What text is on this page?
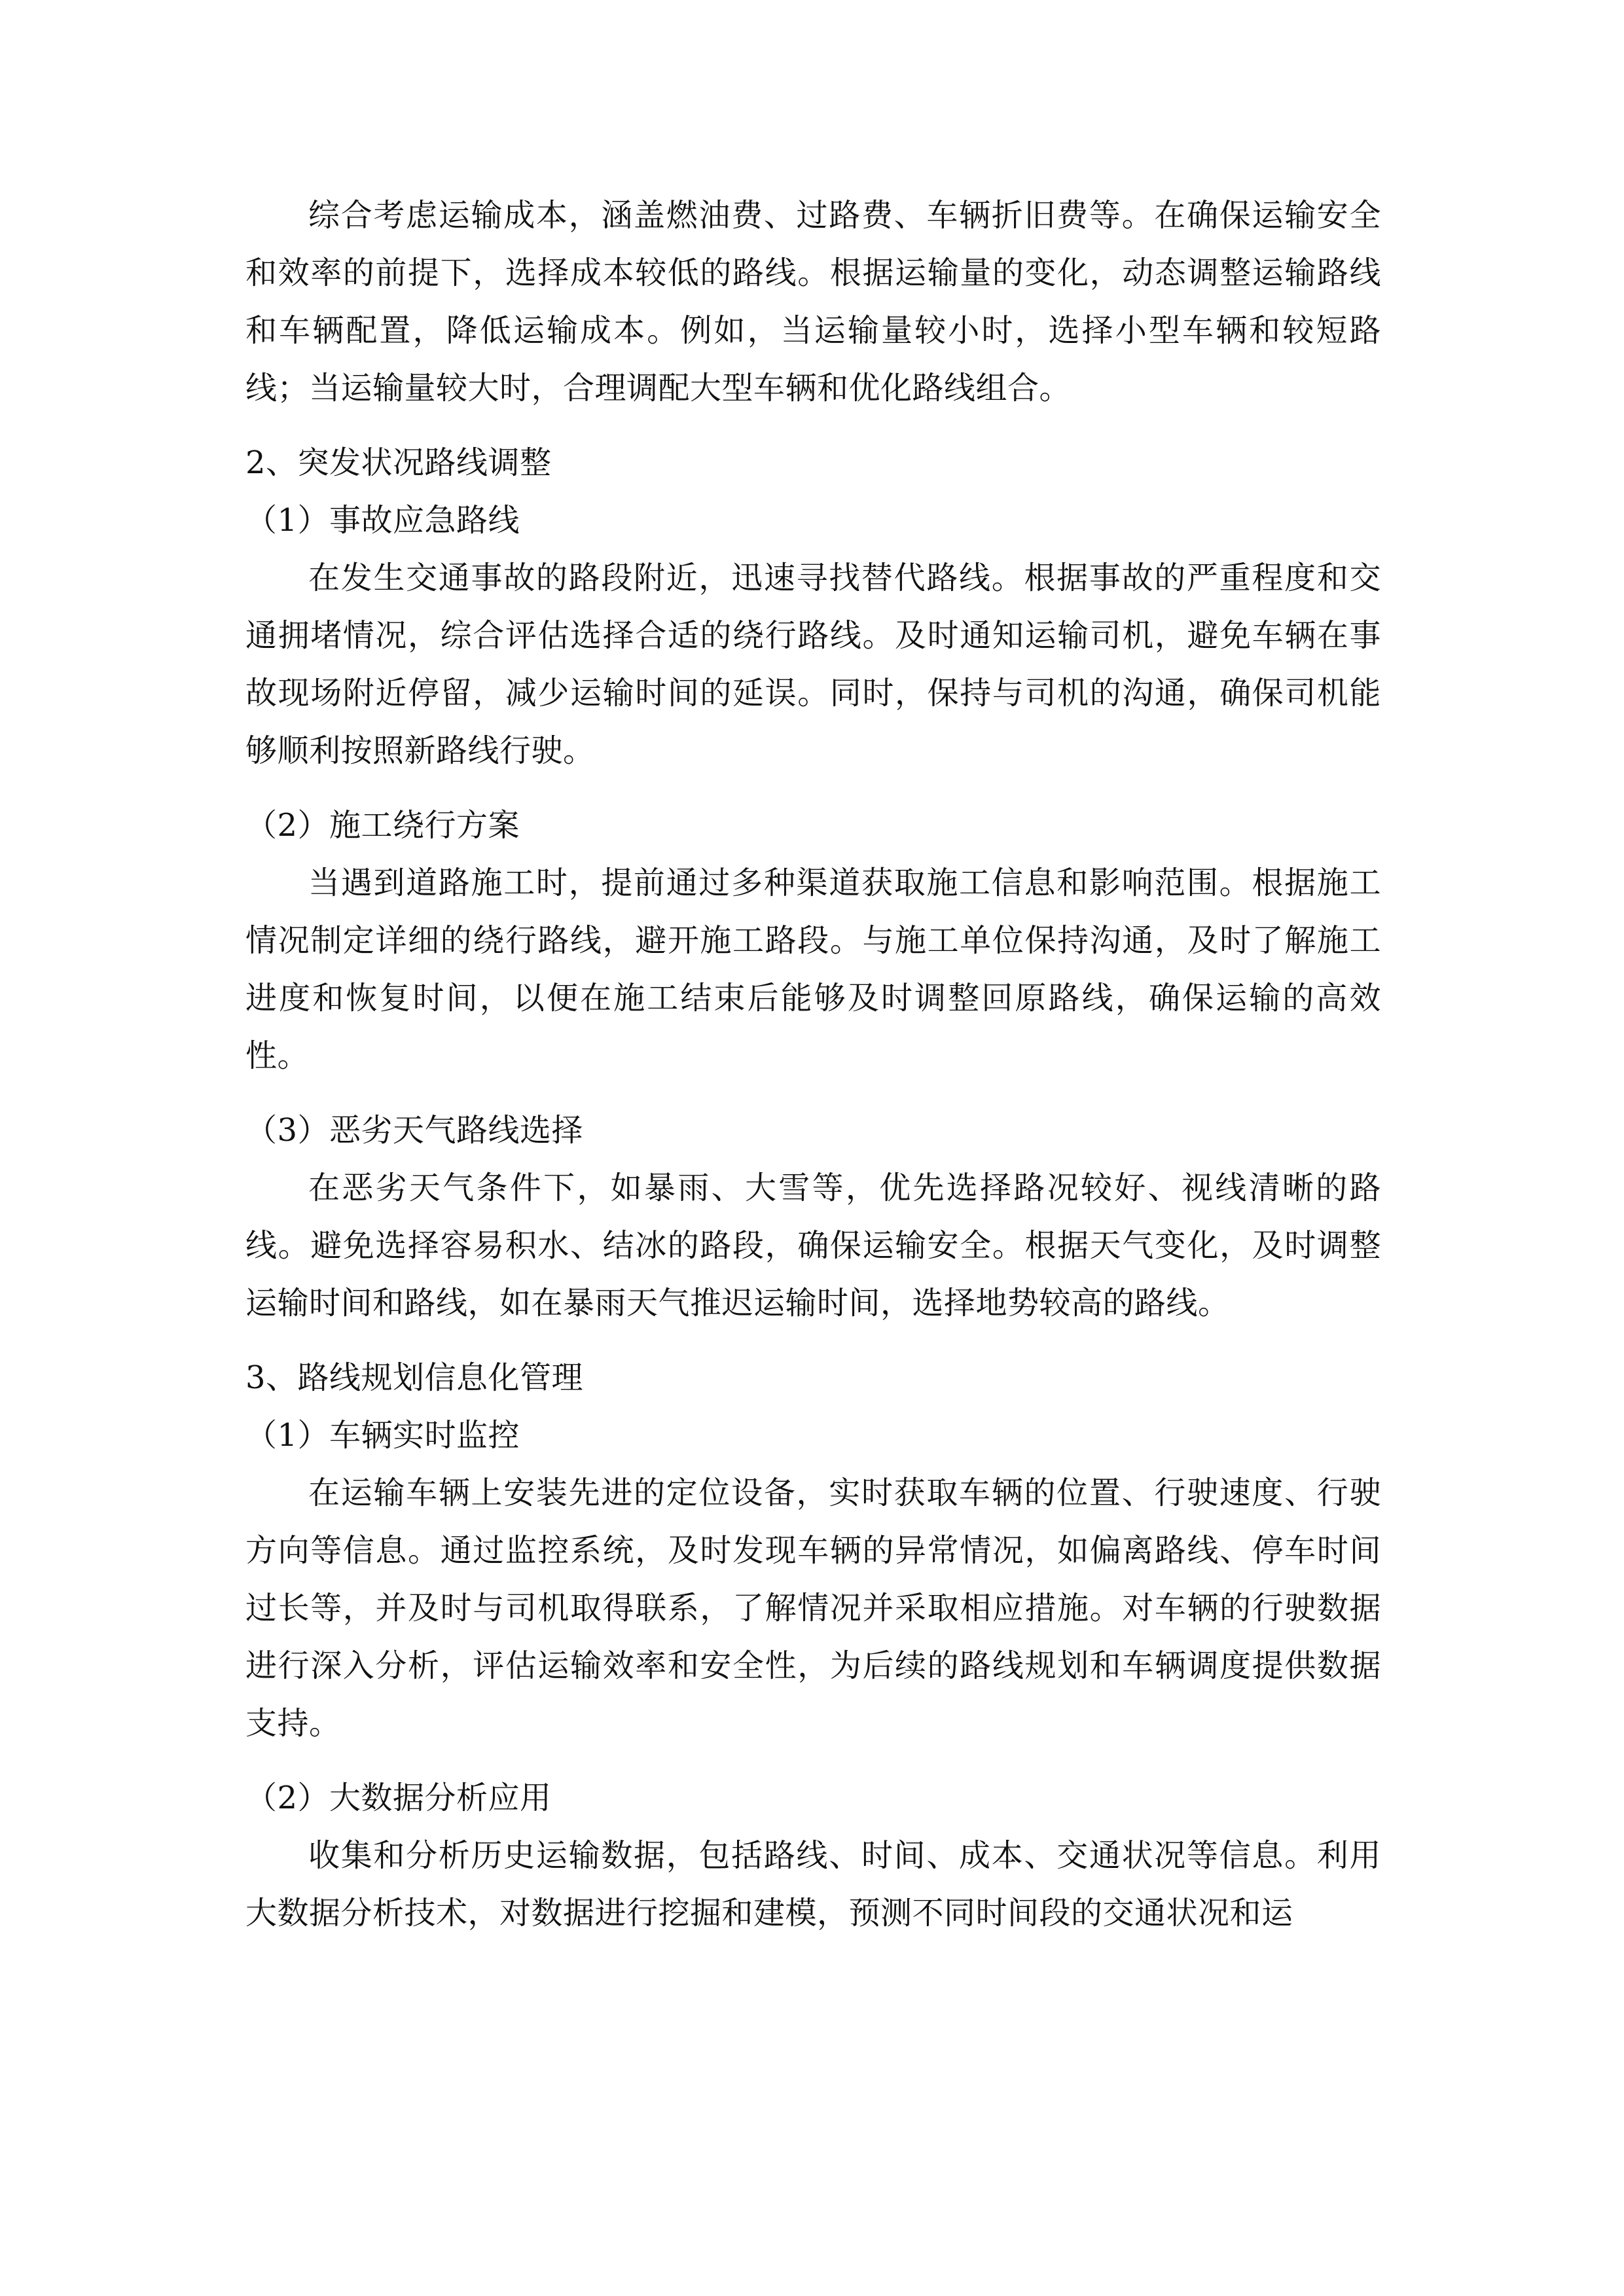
综合考虑运输成本，涵盖燃油费、过路费、车辆折旧费等。在确保运输安全和效率的前提下，选择成本较低的路线。根据运输量的变化，动态调整运输路线和车辆配置，降低运输成本。例如，当运输量较小时，选择小型车辆和较短路线；当运输量较大时，合理调配大型车辆和优化路线组合。

2、突发状况路线调整

（1）事故应急路线

在发生交通事故的路段附近，迅速寻找替代路线。根据事故的严重程度和交通拥堵情况，综合评估选择合适的绕行路线。及时通知运输司机，避免车辆在事故现场附近停留，减少运输时间的延误。同时，保持与司机的沟通，确保司机能够顺利按照新路线行驶。

（2）施工绕行方案

当遇到道路施工时，提前通过多种渠道获取施工信息和影响范围。根据施工情况制定详细的绕行路线，避开施工路段。与施工单位保持沟通，及时了解施工进度和恢复时间，以便在施工结束后能够及时调整回原路线，确保运输的高效性。

（3）恶劣天气路线选择

在恶劣天气条件下，如暴雨、大雪等，优先选择路况较好、视线清晰的路线。避免选择容易积水、结冰的路段，确保运输安全。根据天气变化，及时调整运输时间和路线，如在暴雨天气推迟运输时间，选择地势较高的路线。

3、路线规划信息化管理

（1）车辆实时监控

在运输车辆上安装先进的定位设备，实时获取车辆的位置、行驶速度、行驶方向等信息。通过监控系统，及时发现车辆的异常情况，如偏离路线、停车时间过长等，并及时与司机取得联系，了解情况并采取相应措施。对车辆的行驶数据进行深入分析，评估运输效率和安全性，为后续的路线规划和车辆调度提供数据支持。

（2）大数据分析应用

收集和分析历史运输数据，包括路线、时间、成本、交通状况等信息。利用大数据分析技术，对数据进行挖掘和建模，预测不同时间段的交通状况和运
